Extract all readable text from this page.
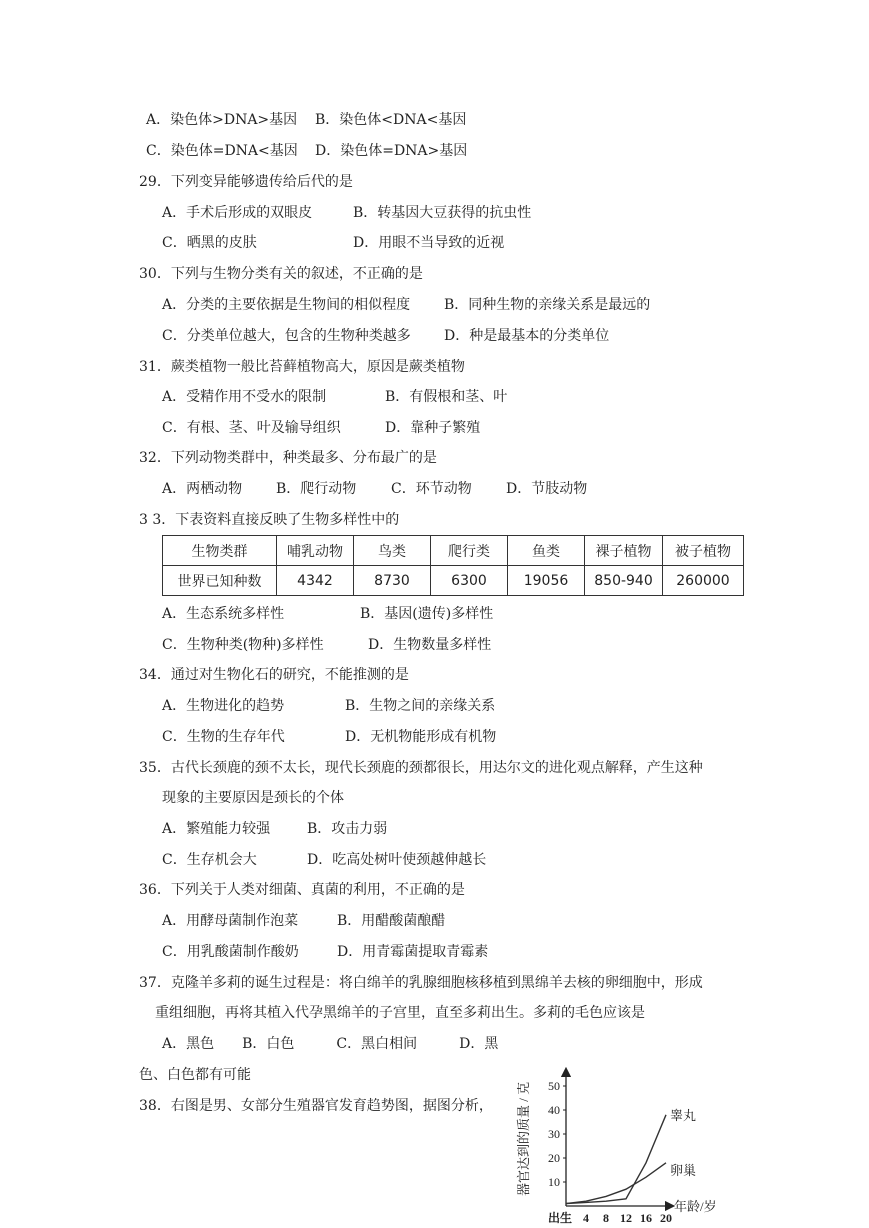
A．染色体>DNA>基因 B．染色体<DNA<基因
C．染色体=DNA<基因 D．染色体=DNA>基因
29．下列变异能够遗传给后代的是
A．手术后形成的双眼皮	B．转基因大豆获得的抗虫性
C．晒黑的皮肤	D．用眼不当导致的近视
30．下列与生物分类有关的叙述，不正确的是
A．分类的主要依据是生物间的相似程度 B．同种生物的亲缘关系是最远的
C．分类单位越大，包含的生物种类越多 D．种是最基本的分类单位
31．蕨类植物一般比苔藓植物高大，原因是蕨类植物
A．受精作用不受水的限制	B．有假根和茎、叶
C．有根、茎、叶及输导组织	D．靠种子繁殖
32．下列动物类群中，种类最多、分布最广的是
A．两栖动物 B．爬行动物 C．环节动物 D．节肢动物
3 3．下表资料直接反映了生物多样性中的
生物类群	哺乳动物	鸟类	爬行类	鱼类	裸子植物	被子植物
世界已知种数	4342	8730	6300	19056	850-940	260000
A．生态系统多样性	B．基因(遗传)多样性
C．生物种类(物种)多样性	D．生物数量多样性
34．通过对生物化石的研究，不能推测的是
A．生物进化的趋势	B．生物之间的亲缘关系
C．生物的生存年代	D．无机物能形成有机物
35．古代长颈鹿的颈不太长，现代长颈鹿的颈都很长，用达尔文的进化观点解释，产生这种
现象的主要原因是颈长的个体
A．繁殖能力较强	B．攻击力弱
C．生存机会大	D．吃高处树叶使颈越伸越长
36．下列关于人类对细菌、真菌的利用，不正确的是
A．用酵母菌制作泡菜	B．用醋酸菌酿醋
C．用乳酸菌制作酸奶	D．用青霉菌提取青霉素
37．克隆羊多莉的诞生过程是：将白绵羊的乳腺细胞核移植到黑绵羊去核的卵细胞中，形成
重组细胞，再将其植入代孕黑绵羊的子宫里，直至多莉出生。多莉的毛色应该是
A．黑色　　B．白色　　　C．黑白相间　　　D．黑
色、白色都有可能
38．右图是男、女部分生殖器官发育趋势图，据图分析，
10
20
30
40
50
出生 4 8 12 16 20
年龄/岁
器官达到的质量 / 克	睾丸
卵巢
